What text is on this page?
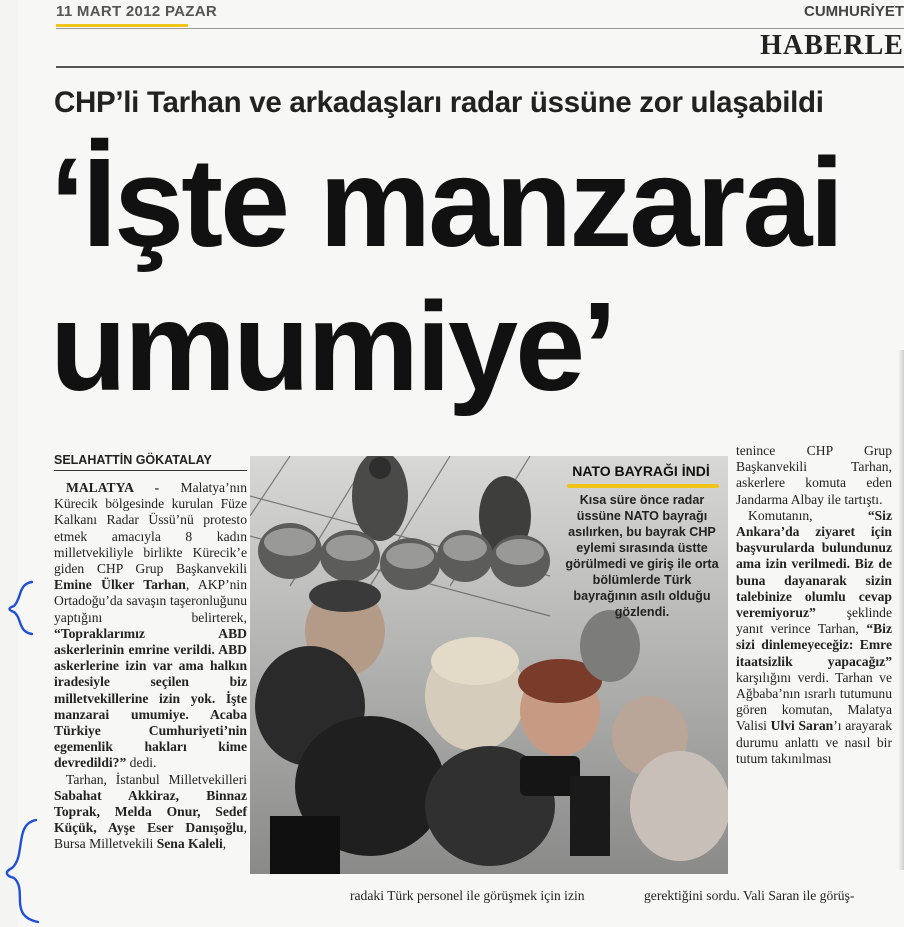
11 MART 2012 PAZAR	CUMHURİYET
HABERLE
CHP’li Tarhan ve arkadaşları radar üssüne zor ulaşabildi
‘İşte manzarai
umumiye’
SELAHATTİN GÖKATALAY

MALATYA - Malatya’nın Kürecik bölgesinde kurulan Füze Kalkanı Radar Üssü’nü protesto etmek amacıyla 8 kadın milletvekiliyle birlikte Kürecik’e giden CHP Grup Başkanvekili Emine Ülker Tarhan, AKP’nin Ortadoğu’da savaşın taşeronluğunu yaptığını belirterek, “Topraklarımız ABD askerlerinin emrine verildi. ABD askerlerine izin var ama halkın iradesiyle seçilen biz milletvekillerine izin yok. İşte manzarai umumiye. Acaba Türkiye Cumhuriyeti’nin egemenlik hakları kime devredildi?” dedi.

Tarhan, İstanbul Milletvekilleri Sabahat Akkiraz, Binnaz Toprak, Melda Onur, Sedef Küçük, Ayşe Eser Danışoğlu, Bursa Milletvekili Sena Kaleli,

NATO BAYRAĞI İNDİ
Kısa süre önce radar üssüne NATO bayrağı asılırken, bu bayrak CHP eylemi sırasında üstte görülmedi ve giriş ile orta bölümlerde Türk bayrağının asılı olduğu gözlendi.

tenince CHP Grup Başkanvekili Tarhan, askerlere komuta eden Jandarma Albay ile tartıştı.

Komutanın, “Siz Ankara’da ziyaret için başvurularda bulundunuz ama izin verilmedi. Biz de buna dayanarak sizin talebinize olumlu cevap veremiyoruz” şeklinde yanıt verince Tarhan, “Biz sizi dinlemeyeceğiz: Emre itaatsizlik yapacağız” karşılığını verdi. Tarhan ve Ağbaba’nın ısrarlı tutumunu gören komutan, Malatya Valisi Ulvi Saran’ı arayarak durumu anlattı ve nasıl bir tutum takınılması

radaki Türk personel ile görüşmek için izin	gerektiğini sordu. Vali Saran ile görüş-
